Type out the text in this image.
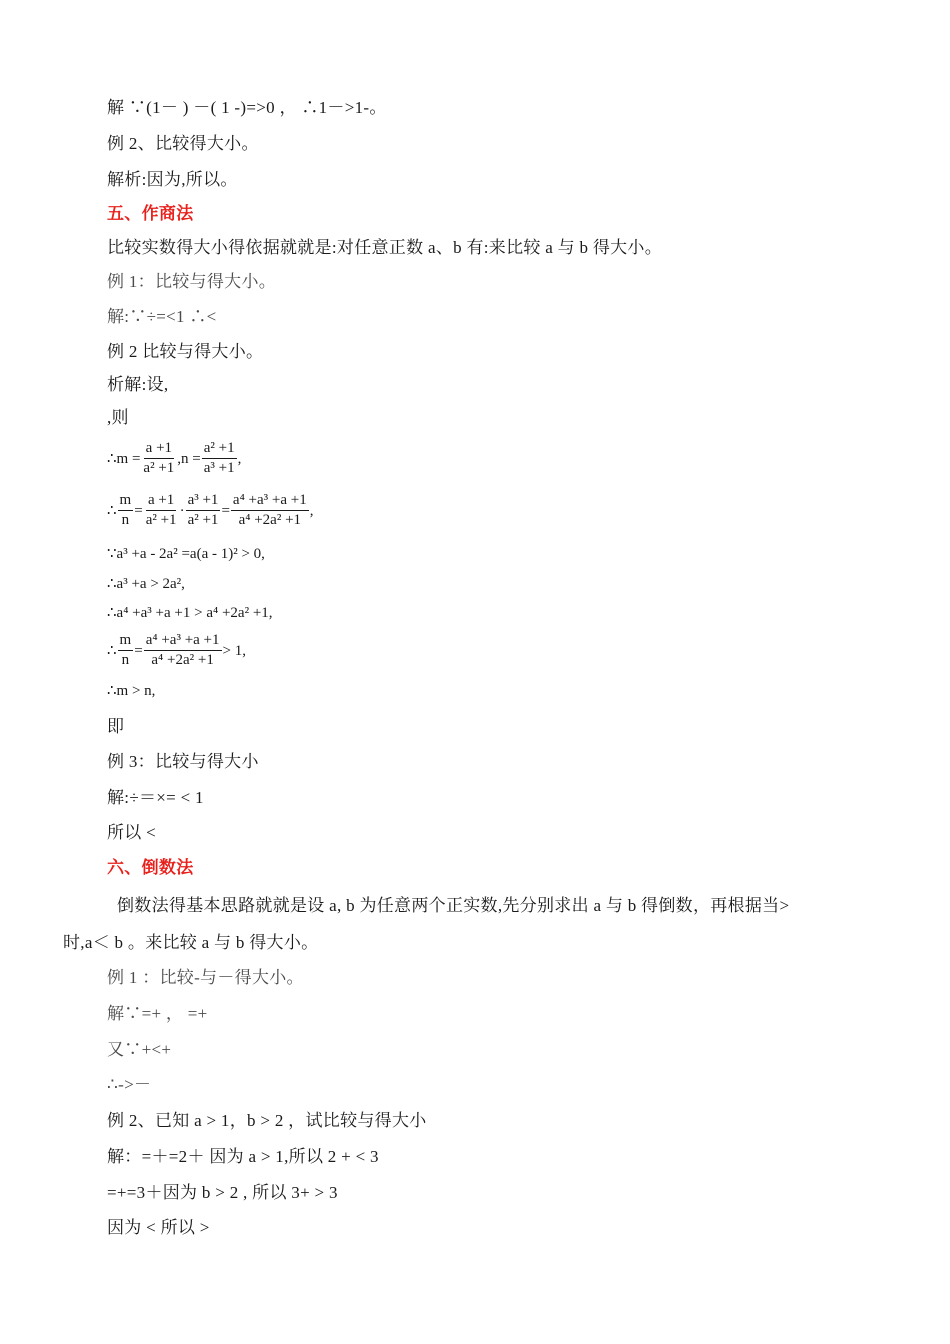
解 ∵(1－ ) －( 1 -)=>0 ， ∴1－>1-。
例 2、比较得大小。
解析:因为,所以。
五、作商法
比较实数得大小得依据就就是:对任意正数 a、b 有:来比较 a 与 b 得大小。
例 1：比较与得大小。
解:∵÷=<1 ∴<
例 2 比较与得大小。
析解:设,
,则
∴m = $\frac{a +1}{\text{a² +1}} ,n = \frac{\text{a² +1}}{\text{a³ +1}}$ ,
∴ $\frac{m}{n} = \frac{a +1}{\text{a² +1}} \cdot \frac{\text{a³ +1}}{\text{a² +1}} = \frac{\text{a⁴ +a³ +a +1}}{\text{a⁴ +2a² +1}}$ ,
∵a³ +a - 2a² =a(a - 1)² > 0,
∴a³ +a > 2a²,
∴a⁴ +a³ +a +1 > a⁴ +2a² +1,
∴ $\frac{m}{n} = \frac{\text{a⁴ +a³ +a +1}}{\text{a⁴ +2a² +1}} > 1$,
∴m > n,
即
例 3：比较与得大小
解:÷＝×= < 1
所以 <
六、倒数法
倒数法得基本思路就就是设 a, b 为任意两个正实数,先分别求出 a 与 b 得倒数，再根据当>
时,a＜ b 。来比较 a 与 b 得大小。
例 1 ：比较-与－得大小。
解∵=+ ， =+
又∵+<+
∴->－
例 2、已知 a > 1，b > 2 ，试比较与得大小
解：=＋=2＋ 因为 a > 1,所以 2 + < 3
=+=3＋因为 b > 2 , 所以 3+ > 3
因为 < 所以 >
